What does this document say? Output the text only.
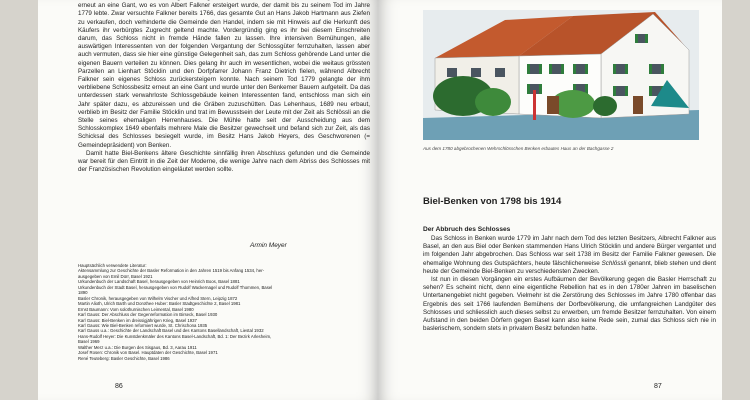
erneut an eine Gant, wo es von Albert Falkner ersteigert wurde, der damit bis zu seinem Tod im Jahre 1779 lebte. Zwar versuchte Falkner bereits 1766, das gesamte Gut an Hans Jakob Hartmann aus Ziefen zu verkaufen, doch verhinderte die Gemeinde den Handel, indem sie mit Hinweis auf die Herkunft des Käufers ihr verbürgtes Zugrecht geltend machte. Vordergründig ging es ihr bei diesem Einschreiten darum, das Schloss nicht in fremde Hände fallen zu lassen. Ihre intensiven Bemühungen, alle auswärtigen Interessenten von der folgenden Vergantung der Schlossgüter fernzuhalten, lassen aber auch vermuten, dass sie hier eine günstige Gelegenheit sah, das zum Schloss gehörende Land unter die eigenen Bauern verteilen zu können. Dies gelang ihr auch im wesentlichen, wobei die weitaus grössten Parzellen an Lienhart Stöcklin und den Dorfpfarrer Johann Franz Dietrich fielen, während Albrecht Falkner sein eigenes Schloss zurückersteigern konnte. Nach seinem Tod 1779 gelangte der ihm verbliebene Schlossbesitz erneut an eine Gant und wurde unter den Benkemer Bauern aufgeteilt. Da das unterdessen stark verwahrloste Schlossgebäude keinen Interessenten fand, entschloss man sich ein Jahr später dazu, es abzureissen und die Gräben zuzuschütten. Das Lehenhaus, 1689 neu erbaut, verblieb im Besitz der Familie Stöcklin und trat im Bewusstsein der Leute mit der Zeit als Schlössli an die Stelle seines ehemaligen Herrenhauses. Die Mühle hatte seit der Ausscheidung aus dem Schlosskomplex 1649 ebenfalls mehrere Male die Besitzer gewechselt und befand sich zur Zeit, als das Schicksal des Schlosses besiegelt wurde, im Besitz Hans Jakob Heyers, des Geschworenen (= Gemeindepräsident) von Benken.

Damit hatte Biel-Benkens ältere Geschichte sinnfällig ihren Abschluss gefunden und die Gemeinde war bereit für den Eintritt in die Zeit der Moderne, die wenige Jahre nach dem Abriss des Schlosses mit der Französischen Revolution eingeläutet werden sollte.

Armin Meyer
Hauptsächlich verwendete Literatur:
Aktensammlung zur Geschichte der Basler Reformation in den Jahren 1519 bis Anfang 1534, her-
ausgegeben von Emil Dürr, Basel 1921
Urkundenbuch der Landschaft Basel, herausgegeben von Heinrich Boos, Basel 1881
Urkundenbuch der Stadt Basel, herausgegeben von Rudolf Wackernagel und Rudolf Thommen, Basel
1890
Basler Chronik, herausgegeben von Wilhelm Vischer und Alfred Stern, Leipzig 1872
Martin Alioth, Ulrich Barth und Dorothee Huber: Basler Stadtgeschichte 2, Basel 1981
Ernst Baumann: Vom solothurnischen Leimental, Basel 1980
Karl Gauss: Der Abschluss der Gegenreformation im Birseck, Basel 1930
Karl Gauss: Biel-Benken im dreissigjährigen Krieg, Basel 1937
Karl Gauss: Wie Biel-Benken reformiert wurde, St. Chrischona 1935
Karl Gauss u.a.: Geschichte der Landschaft Basel und des Kantons Basellandschaft, Liestal 1932
Hans-Rudolf Heyer: Die Kunstdenkmäler des Kantons Basel-Landschaft, Bd. 1: Der Bezirk Arlesheim,
Basel 1969
Walther Merz u.a.: Die Burgen des Sisgaus, Bd. 3, Aarau 1911
Josef Rosen: Chronik von Basel. Hauptdaten der Geschichte, Basel 1971
René Teuteberg: Basler Geschichte, Basel 1986
86
Aus dem 1780 abgebrochenen Wehrschlösschen Benken erbautes Haus an der Bachgasse 2
Biel-Benken von 1798 bis 1914
Der Abbruch des Schlosses

Das Schloss in Benken wurde 1779 im Jahr nach dem Tod des letzten Besitzers, Albrecht Falkner aus Basel, an den aus Biel oder Benken stammenden Hans Ulrich Stöcklin und andere Bürger vergantet und im folgenden Jahr abgebrochen. Das Schloss war seit 1738 im Besitz der Familie Falkner gewesen. Die ehemalige Wohnung des Gutspächters, heute fälschlicherweise Schlössli genannt, blieb stehen und dient heute der Gemeinde Biel-Benken zu verschiedensten Zwecken.

Ist nun in diesen Vorgängen ein erstes Aufbäumen der Bevölkerung gegen die Basler Herrschaft zu sehen? Es scheint nicht, denn eine eigentliche Rebellion hat es in den 1780er Jahren im baselischen Untertanengebiet nicht gegeben. Vielmehr ist die Zerstörung des Schlosses im Jahre 1780 offenbar das Ergebnis des seit 1766 laufenden Bemühens der Dorfbevölkerung, die umfangreichen Landgüter des Schlosses und schliesslich auch dieses selbst zu erwerben, um fremde Besitzer fernzuhalten. Von einem Aufstand in den beiden Dörfern gegen Basel kann also keine Rede sein, zumal das Schloss sich nie in baslerischem, sondern stets in privatem Besitz befunden hatte.

87
